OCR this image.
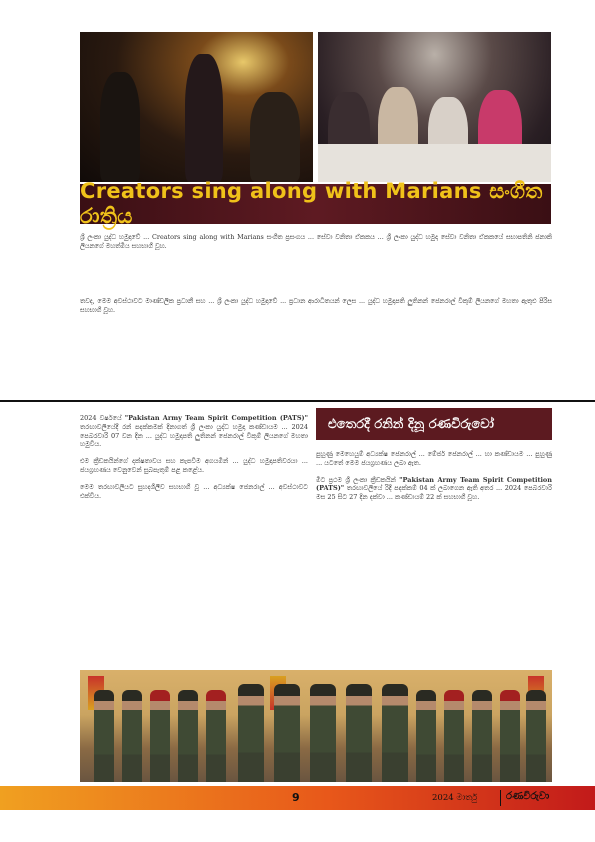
Creators sing along with Marians සංගීත රාත්‍රිය

ශ්‍රී ලංකා යුද්ධ හමුදාවේ ... Creators sing along with Marians සංගීත ප්‍රසංගය ... සේවා වනිතා ඒකකය ... ශ්‍රී ලංකා යුද්ධ හමුදා සේවා වනිතා ඒකකයේ සභාපතිනි ජනාකි ලියනගේ මහත්මිය සහභාගී වූහ.

තවද, මෙම අවස්ථාවට මාණ්ඩලික ප්‍රධානී සහ ... ශ්‍රී ලංකා යුද්ධ හමුදාවේ ... ප්‍රධාන ආරාධිතයන් ලෙස ... යුද්ධ හමුදාපති ලුතිනන් ජෙනරාල් විකුම් ලියනගේ මහතා ඇතුළු පිරිස සහභාගී වූහ.

2024 වර්ෂයේ "Pakistan Army Team Spirit Competition (PATS)" තරඟාවලියේදී රන් පදක්කමක් දිනාගත් ශ්‍රී ලංකා යුද්ධ හමුදා කණ්ඩායම ... 2024 පෙබරවාරි 07 වන දින ... යුද්ධ හමුදාපති ලුතිනන් ජෙනරාල් විකුම් ලියනගේ මහතා හමුවිය.

එම ක්‍රීඩකයින්ගේ දක්ෂතාවය සහ කැපවීම අගයමින් ... යුද්ධ හමුදාපතිවරයා ... ජයග්‍රහණය වෙනුවෙන් සුබපැතුම් පළ කළේය.

මෙම තරඟාවලියට සුහදශීලීව සහභාගී වූ ... අධ්‍යක්ෂ ජෙනරාල් ... අවස්ථාවට එක්විය.

එතෙරදී රනින් දිනූ රණවිරුවෝ

පුහුණු මෙහෙයුම් අධ්‍යක්ෂ ජෙනරාල් ... මේජර් ජෙනරාල් ... හා කණ්ඩායම ... පුහුණු ... යටතේ මෙම ජයග්‍රහණය ලබා ඇත.

මීට ප්‍රථම ශ්‍රී ලංකා ක්‍රීඩකයින් "Pakistan Army Team Spirit Competition (PATS)" තරඟාවලියේ රිදී පදක්කම් 04 ක් ලබාගෙන ඇති අතර ... 2024 පෙබරවාරි මස 25 සිට 27 දින දක්වා ... කණ්ඩායම් 22 ක් සහභාගී වූහ.

9	2024 මාර්තු	රණවිරුවා
